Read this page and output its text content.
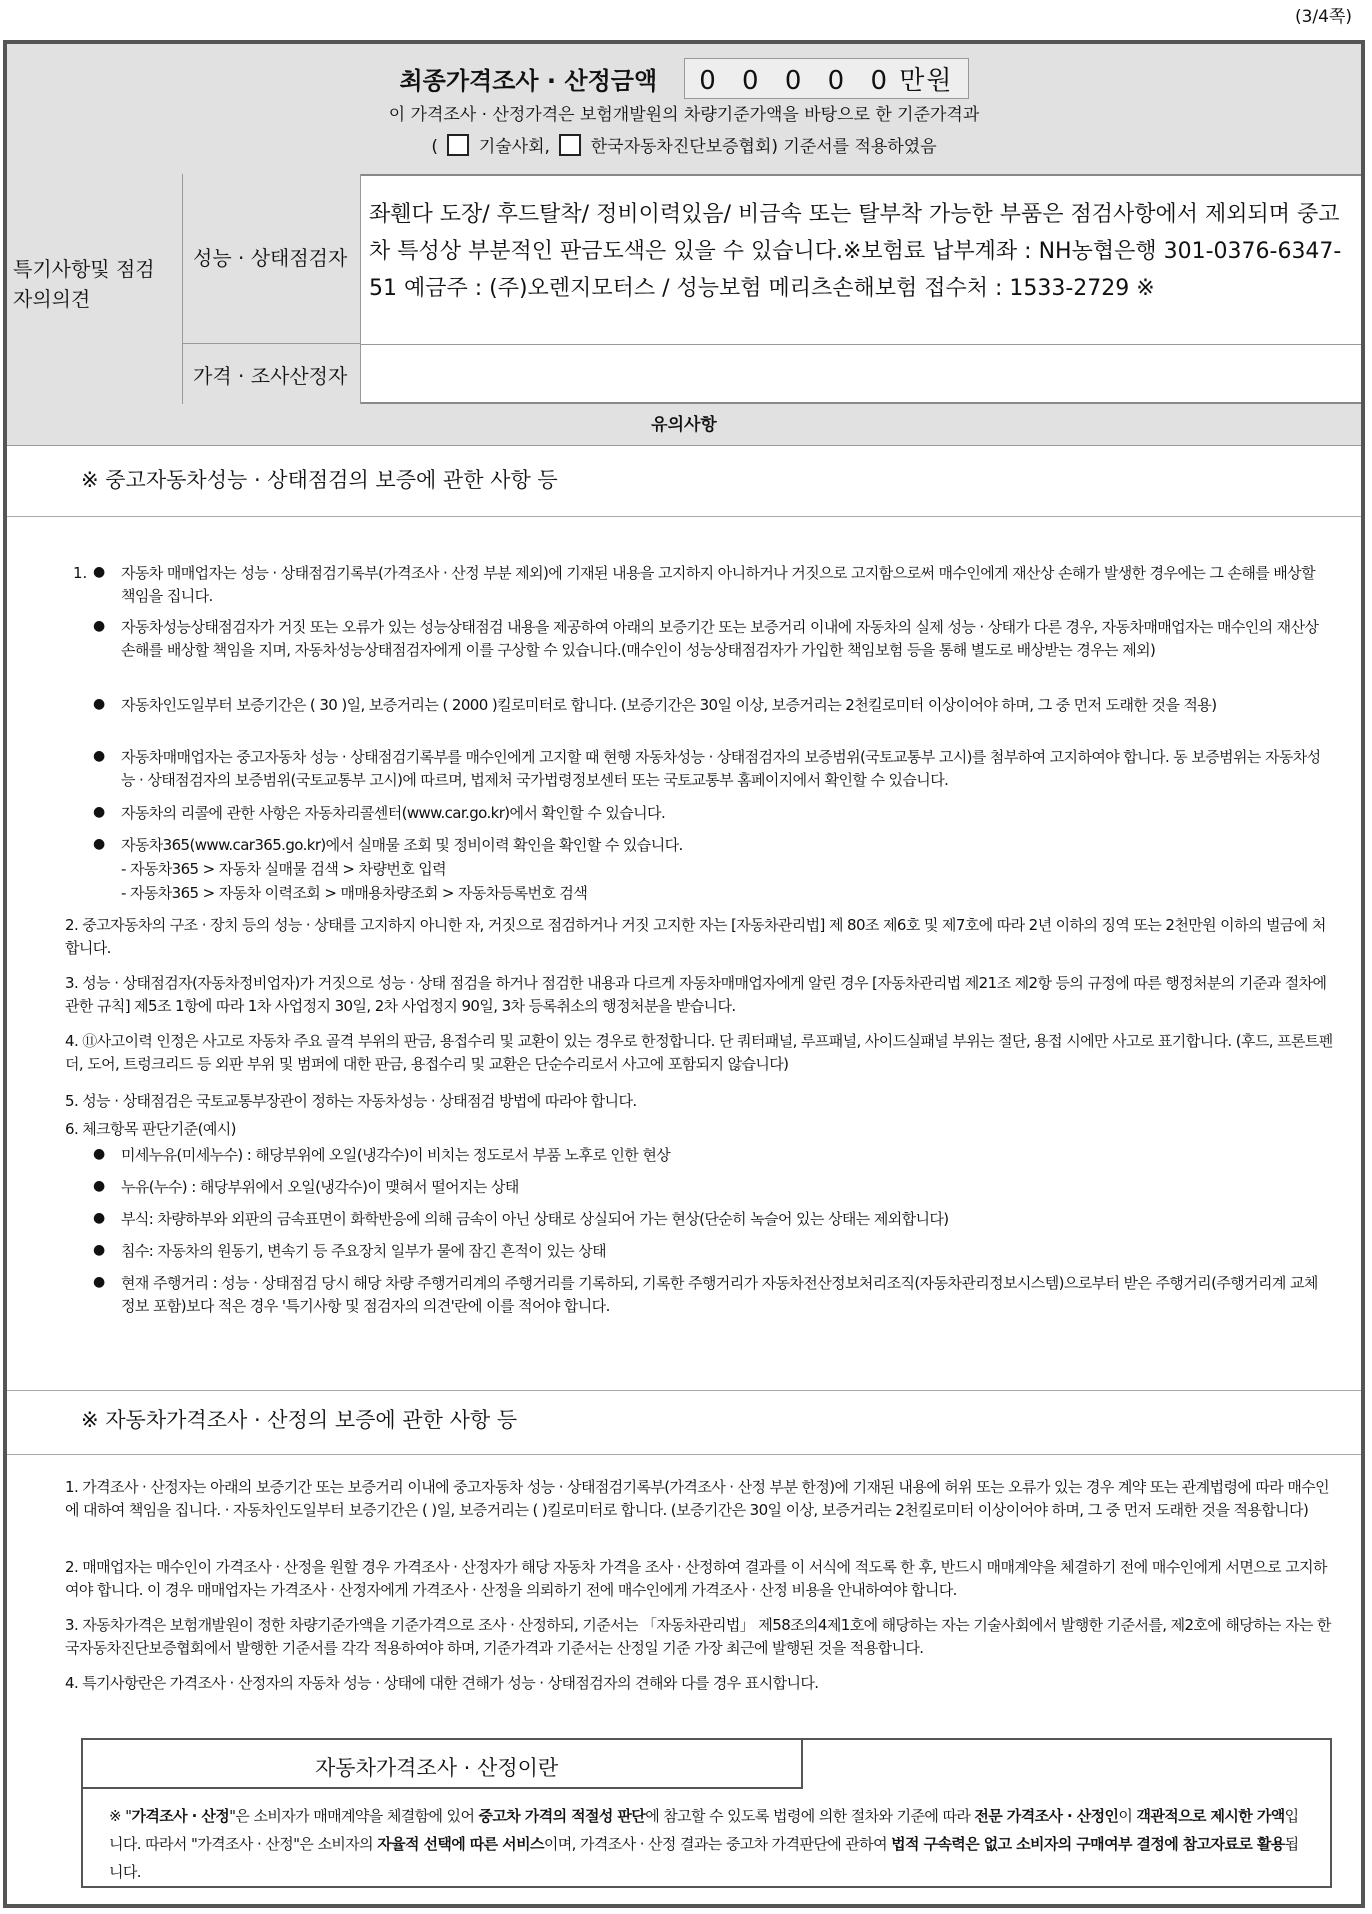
(3/4쪽)
최종가격조사 · 산정금액 0 0 0 0 0 만원
이 가격조사 · 산정가격은 보험개발원의 차량기준가액을 바탕으로 한 기준가격과
( 기술사회, 한국자동차진단보증협회) 기준서를 적용하였음
특기사항및 점검자의의견
성능 · 상태점검자
가격 · 조사산정자
좌휀다 도장/ 후드탈착/ 정비이력있음/ 비금속 또는 탈부착 가능한 부품은 점검사항에서 제외되며 중고차 특성상 부분적인 판금도색은 있을 수 있습니다.※보험료 납부계좌 : NH농협은행 301-0376-6347-51 예금주 : (주)오렌지모터스 / 성능보험 메리츠손해보험 접수처 : 1533-2729 ※
유의사항
※ 중고자동차성능 · 상태점검의 보증에 관한 사항 등
1. ● 자동차 매매업자는 성능 · 상태점검기록부(가격조사 · 산정 부분 제외)에 기재된 내용을 고지하지 아니하거나 거짓으로 고지함으로써 매수인에게 재산상 손해가 발생한 경우에는 그 손해를 배상할 책임을 집니다.
● 자동차성능상태점검자가 거짓 또는 오류가 있는 성능상태점검 내용을 제공하여 아래의 보증기간 또는 보증거리 이내에 자동차의 실제 성능 · 상태가 다른 경우, 자동차매매업자는 매수인의 재산상 손해를 배상할 책임을 지며, 자동차성능상태점검자에게 이를 구상할 수 있습니다.(매수인이 성능상태점검자가 가입한 책임보험 등을 통해 별도로 배상받는 경우는 제외)
● 자동차인도일부터 보증기간은 ( 30 )일, 보증거리는 ( 2000 )킬로미터로 합니다. (보증기간은 30일 이상, 보증거리는 2천킬로미터 이상이어야 하며, 그 중 먼저 도래한 것을 적용)
● 자동차매매업자는 중고자동차 성능 · 상태점검기록부를 매수인에게 고지할 때 현행 자동차성능 · 상태점검자의 보증범위(국토교통부 고시)를 첨부하여 고지하여야 합니다. 동 보증범위는 자동차성능 · 상태점검자의 보증범위(국토교통부 고시)에 따르며, 법제처 국가법령정보센터 또는 국토교통부 홈페이지에서 확인할 수 있습니다.
● 자동차의 리콜에 관한 사항은 자동차리콜센터(www.car.go.kr)에서 확인할 수 있습니다.
● 자동차365(www.car365.go.kr)에서 실매물 조회 및 정비이력 확인을 확인할 수 있습니다.
- 자동차365 > 자동차 실매물 검색 > 차량번호 입력
- 자동차365 > 자동차 이력조회 > 매매용차량조회 > 자동차등록번호 검색
2. 중고자동차의 구조 · 장치 등의 성능 · 상태를 고지하지 아니한 자, 거짓으로 점검하거나 거짓 고지한 자는 [자동차관리법] 제 80조 제6호 및 제7호에 따라 2년 이하의 징역 또는 2천만원 이하의 벌금에 처합니다.
3. 성능 · 상태점검자(자동차정비업자)가 거짓으로 성능 · 상태 점검을 하거나 점검한 내용과 다르게 자동차매매업자에게 알린 경우 [자동차관리법 제21조 제2항 등의 규정에 따른 행정처분의 기준과 절차에 관한 규칙] 제5조 1항에 따라 1차 사업정지 30일, 2차 사업정지 90일, 3차 등록취소의 행정처분을 받습니다.
4. ⑪사고이력 인정은 사고로 자동차 주요 골격 부위의 판금, 용접수리 및 교환이 있는 경우로 한정합니다. 단 쿼터패널, 루프패널, 사이드실패널 부위는 절단, 용접 시에만 사고로 표기합니다. (후드, 프론트펜더, 도어, 트렁크리드 등 외판 부위 및 범퍼에 대한 판금, 용접수리 및 교환은 단순수리로서 사고에 포함되지 않습니다)
5. 성능 · 상태점검은 국토교통부장관이 정하는 자동차성능 · 상태점검 방법에 따라야 합니다.
6. 체크항목 판단기준(예시)
● 미세누유(미세누수) : 해당부위에 오일(냉각수)이 비치는 정도로서 부품 노후로 인한 현상
● 누유(누수) : 해당부위에서 오일(냉각수)이 맺혀서 떨어지는 상태
● 부식: 차량하부와 외판의 금속표면이 화학반응에 의해 금속이 아닌 상태로 상실되어 가는 현상(단순히 녹슬어 있는 상태는 제외합니다)
● 침수: 자동차의 원동기, 변속기 등 주요장치 일부가 물에 잠긴 흔적이 있는 상태
● 현재 주행거리 : 성능 · 상태점검 당시 해당 차량 주행거리계의 주행거리를 기록하되, 기록한 주행거리가 자동차전산정보처리조직(자동차관리정보시스템)으로부터 받은 주행거리(주행거리계 교체 정보 포함)보다 적은 경우 '특기사항 및 점검자의 의견'란에 이를 적어야 합니다.
※ 자동차가격조사 · 산정의 보증에 관한 사항 등
1. 가격조사 · 산정자는 아래의 보증기간 또는 보증거리 이내에 중고자동차 성능 · 상태점검기록부(가격조사 · 산정 부분 한정)에 기재된 내용에 허위 또는 오류가 있는 경우 계약 또는 관계법령에 따라 매수인에 대하여 책임을 집니다. · 자동차인도일부터 보증기간은 ( )일, 보증거리는 ( )킬로미터로 합니다. (보증기간은 30일 이상, 보증거리는 2천킬로미터 이상이어야 하며, 그 중 먼저 도래한 것을 적용합니다)
2. 매매업자는 매수인이 가격조사 · 산정을 원할 경우 가격조사 · 산정자가 해당 자동차 가격을 조사 · 산정하여 결과를 이 서식에 적도록 한 후, 반드시 매매계약을 체결하기 전에 매수인에게 서면으로 고지하여야 합니다. 이 경우 매매업자는 가격조사 · 산정자에게 가격조사 · 산정을 의뢰하기 전에 매수인에게 가격조사 · 산정 비용을 안내하여야 합니다.
3. 자동차가격은 보험개발원이 정한 차량기준가액을 기준가격으로 조사 · 산정하되, 기준서는 「자동차관리법」 제58조의4제1호에 해당하는 자는 기술사회에서 발행한 기준서를, 제2호에 해당하는 자는 한국자동차진단보증협회에서 발행한 기준서를 각각 적용하여야 하며, 기준가격과 기준서는 산정일 기준 가장 최근에 발행된 것을 적용합니다.
4. 특기사항란은 가격조사 · 산정자의 자동차 성능 · 상태에 대한 견해가 성능 · 상태점검자의 견해와 다를 경우 표시합니다.
자동차가격조사 · 산정이란
※ "가격조사 · 산정"은 소비자가 매매계약을 체결함에 있어 중고차 가격의 적절성 판단에 참고할 수 있도록 법령에 의한 절차와 기준에 따라 전문 가격조사 · 산정인이 객관적으로 제시한 가액입니다. 따라서 "가격조사 · 산정"은 소비자의 자율적 선택에 따른 서비스이며, 가격조사 · 산정 결과는 중고차 가격판단에 관하여 법적 구속력은 없고 소비자의 구매여부 결정에 참고자료로 활용됩니다.
